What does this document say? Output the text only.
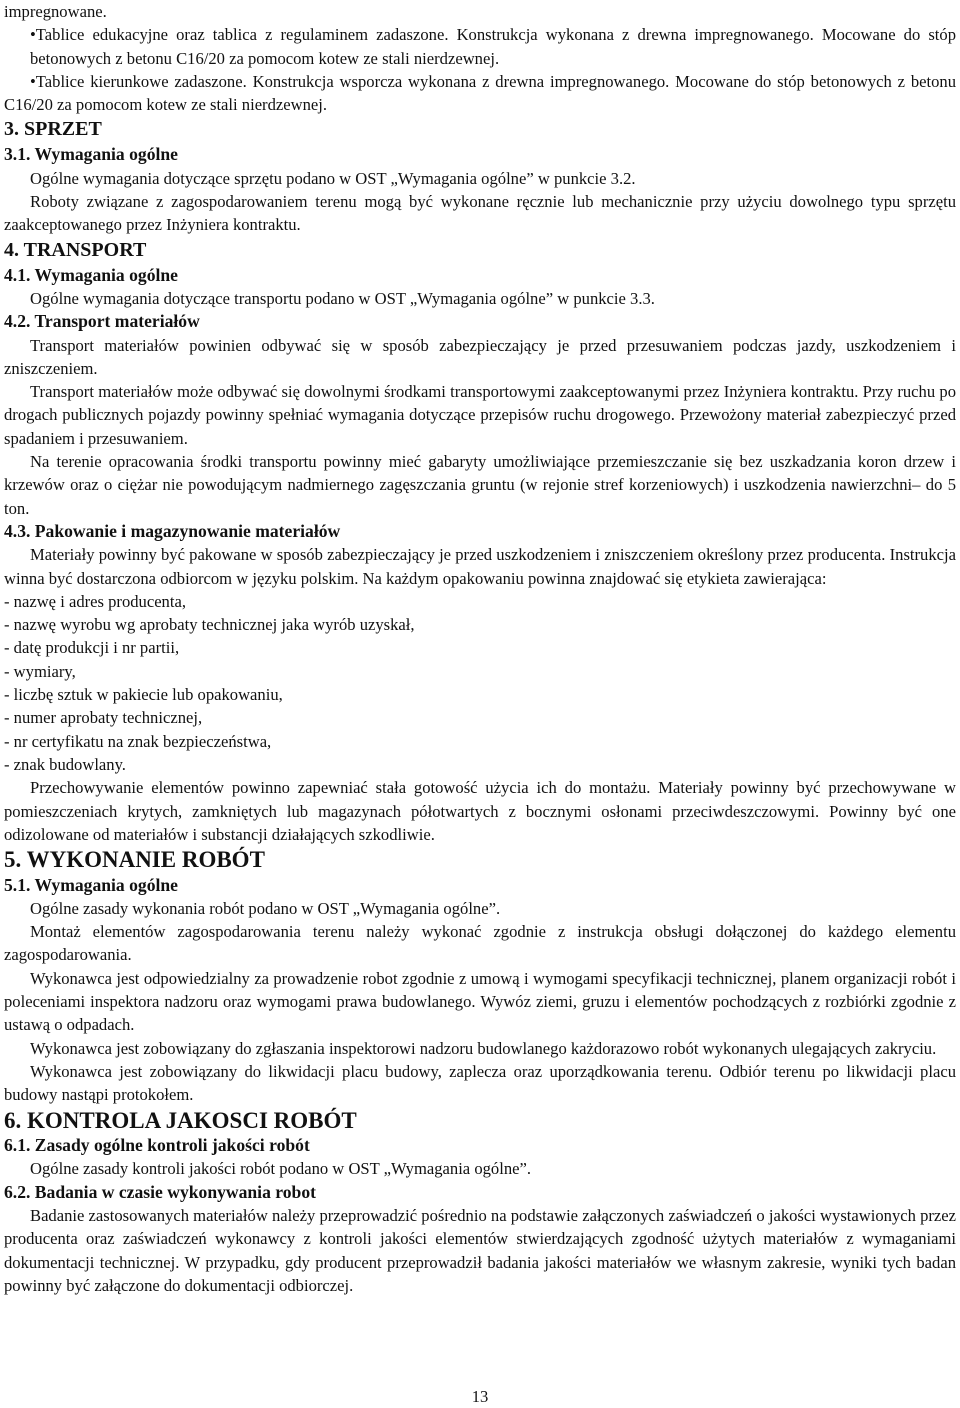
impregnowane.

•Tablice edukacyjne oraz tablica z regulaminem zadaszone. Konstrukcja wykonana z drewna impregnowanego. Mocowane do stóp betonowych z betonu C16/20 za pomocom kotew ze stali nierdzewnej.

•Tablice kierunkowe zadaszone. Konstrukcja wsporcza wykonana z drewna impregnowanego. Mocowane do stóp betonowych z betonu C16/20 za pomocom kotew ze stali nierdzewnej.

3. SPRZET

3.1. Wymagania ogólne

Ogólne wymagania dotyczące sprzętu podano w OST „Wymagania ogólne” w punkcie 3.2.

Roboty związane z zagospodarowaniem terenu mogą być wykonane ręcznie lub mechanicznie przy użyciu dowolnego typu sprzętu zaakceptowanego przez Inżyniera kontraktu.

4. TRANSPORT

4.1. Wymagania ogólne

Ogólne wymagania dotyczące transportu podano w OST „Wymagania ogólne” w punkcie 3.3.

4.2. Transport materiałów

Transport materiałów powinien odbywać się w sposób zabezpieczający je przed przesuwaniem podczas jazdy, uszkodzeniem i zniszczeniem.

Transport materiałów może odbywać się dowolnymi środkami transportowymi zaakceptowanymi przez Inżyniera kontraktu. Przy ruchu po drogach publicznych pojazdy powinny spełniać wymagania dotyczące przepisów ruchu drogowego. Przewożony materiał zabezpieczyć przed spadaniem i przesuwaniem.

Na terenie opracowania środki transportu powinny mieć gabaryty umożliwiające przemieszczanie się bez uszkadzania koron drzew i krzewów oraz o ciężar nie powodującym nadmiernego zagęszczania gruntu (w rejonie stref korzeniowych) i uszkodzenia nawierzchni– do 5 ton.

4.3. Pakowanie i magazynowanie materiałów

Materiały powinny być pakowane w sposób zabezpieczający je przed uszkodzeniem i zniszczeniem określony przez producenta. Instrukcja winna być dostarczona odbiorcom w języku polskim. Na każdym opakowaniu powinna znajdować się etykieta zawierająca:

- nazwę i adres producenta,

- nazwę wyrobu wg aprobaty technicznej jaka wyrób uzyskał,

- datę produkcji i nr partii,

- wymiary,

- liczbę sztuk w pakiecie lub opakowaniu,

- numer aprobaty technicznej,

- nr certyfikatu na znak bezpieczeństwa,

- znak budowlany.

Przechowywanie elementów powinno zapewniać stała gotowość użycia ich do montażu. Materiały powinny być przechowywane w pomieszczeniach krytych, zamkniętych lub magazynach półotwartych z bocznymi osłonami przeciwdeszczowymi. Powinny być one odizolowane od materiałów i substancji działających szkodliwie.

5. WYKONANIE ROBÓT

5.1. Wymagania ogólne

Ogólne zasady wykonania robót podano w OST „Wymagania ogólne”.

Montaż elementów zagospodarowania terenu należy wykonać zgodnie z instrukcja obsługi dołączonej do każdego elementu zagospodarowania.

Wykonawca jest odpowiedzialny za prowadzenie robot zgodnie z umową i wymogami specyfikacji technicznej, planem organizacji robót i poleceniami inspektora nadzoru oraz wymogami prawa budowlanego. Wywóz ziemi, gruzu i elementów pochodzących z rozbiórki zgodnie z ustawą o odpadach.

Wykonawca jest zobowiązany do zgłaszania inspektorowi nadzoru budowlanego każdorazowo robót wykonanych ulegających zakryciu.

Wykonawca jest zobowiązany do likwidacji placu budowy, zaplecza oraz uporządkowania terenu. Odbiór terenu po likwidacji placu budowy nastąpi protokołem.

6. KONTROLA JAKOSCI ROBÓT

6.1. Zasady ogólne kontroli jakości robót

Ogólne zasady kontroli jakości robót podano w OST „Wymagania ogólne”.

6.2. Badania w czasie wykonywania robot

Badanie zastosowanych materiałów należy przeprowadzić pośrednio na podstawie załączonych zaświadczeń o jakości wystawionych przez producenta oraz zaświadczeń wykonawcy z kontroli jakości elementów stwierdzających zgodność użytych materiałów z wymaganiami dokumentacji technicznej. W przypadku, gdy producent przeprowadził badania jakości materiałów we własnym zakresie, wyniki tych badan powinny być załączone do dokumentacji odbiorczej.

13
